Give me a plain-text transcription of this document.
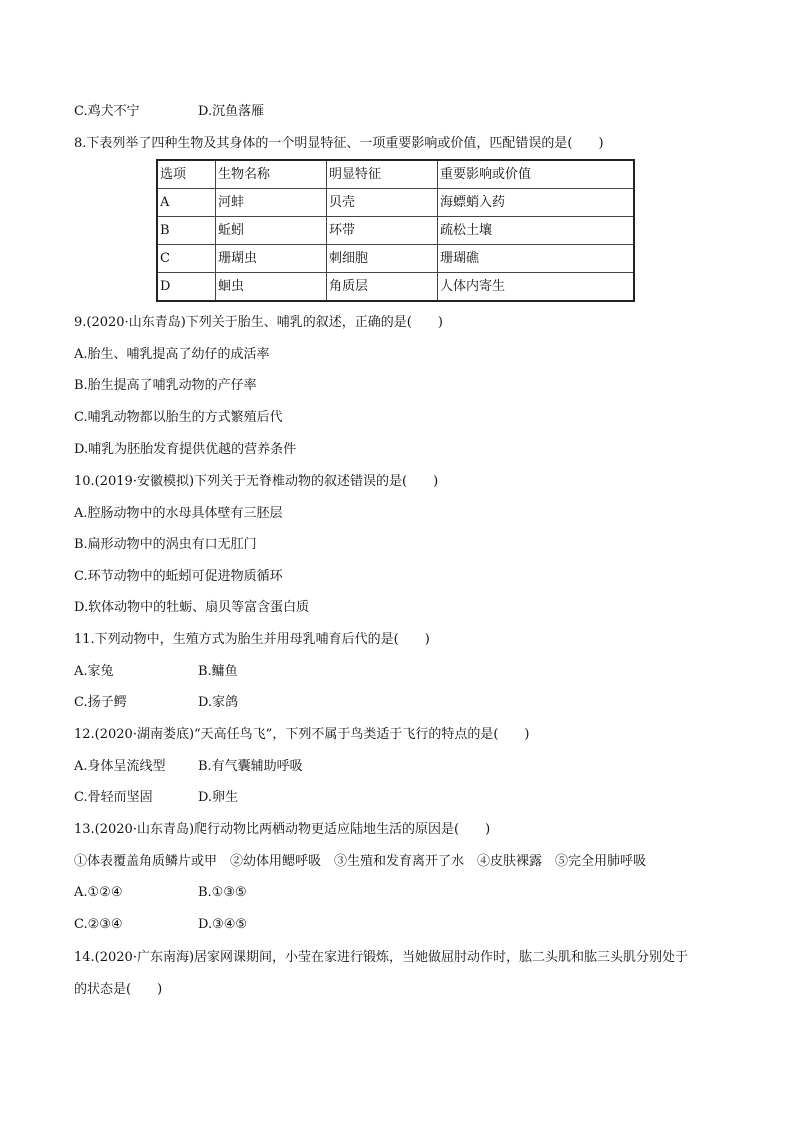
C.鸡犬不宁	D.沉鱼落雁
8.下表列举了四种生物及其身体的一个明显特征、一项重要影响或价值，匹配错误的是(　　)
选项	生物名称	明显特征	重要影响或价值
A	河蚌	贝壳	海螵蛸入药
B	蚯蚓	环带	疏松土壤
C	珊瑚虫	刺细胞	珊瑚礁
D	蛔虫	角质层	人体内寄生
9.(2020·山东青岛)下列关于胎生、哺乳的叙述，正确的是(　　)
A.胎生、哺乳提高了幼仔的成活率
B.胎生提高了哺乳动物的产仔率
C.哺乳动物都以胎生的方式繁殖后代
D.哺乳为胚胎发育提供优越的营养条件
10.(2019·安徽模拟)下列关于无脊椎动物的叙述错误的是(　　)
A.腔肠动物中的水母具体壁有三胚层
B.扁形动物中的涡虫有口无肛门
C.环节动物中的蚯蚓可促进物质循环
D.软体动物中的牡蛎、扇贝等富含蛋白质
11.下列动物中，生殖方式为胎生并用母乳哺育后代的是(　　)
A.家兔	B.鳙鱼
C.扬子鳄	D.家鸽
12.(2020·湖南娄底)“天高任鸟飞”，下列不属于鸟类适于飞行的特点的是(　　)
A.身体呈流线型 B.有气囊辅助呼吸
C.骨轻而坚固	D.卵生
13.(2020·山东青岛)爬行动物比两栖动物更适应陆地生活的原因是(　　)
①体表覆盖角质鳞片或甲　②幼体用鳃呼吸　③生殖和发育离开了水　④皮肤裸露　⑤完全用肺呼吸
A.①②④	B.①③⑤
C.②③④	D.③④⑤
14.(2020·广东南海)居家网课期间，小莹在家进行锻炼，当她做屈肘动作时，肱二头肌和肱三头肌分别处于
的状态是(　　)
